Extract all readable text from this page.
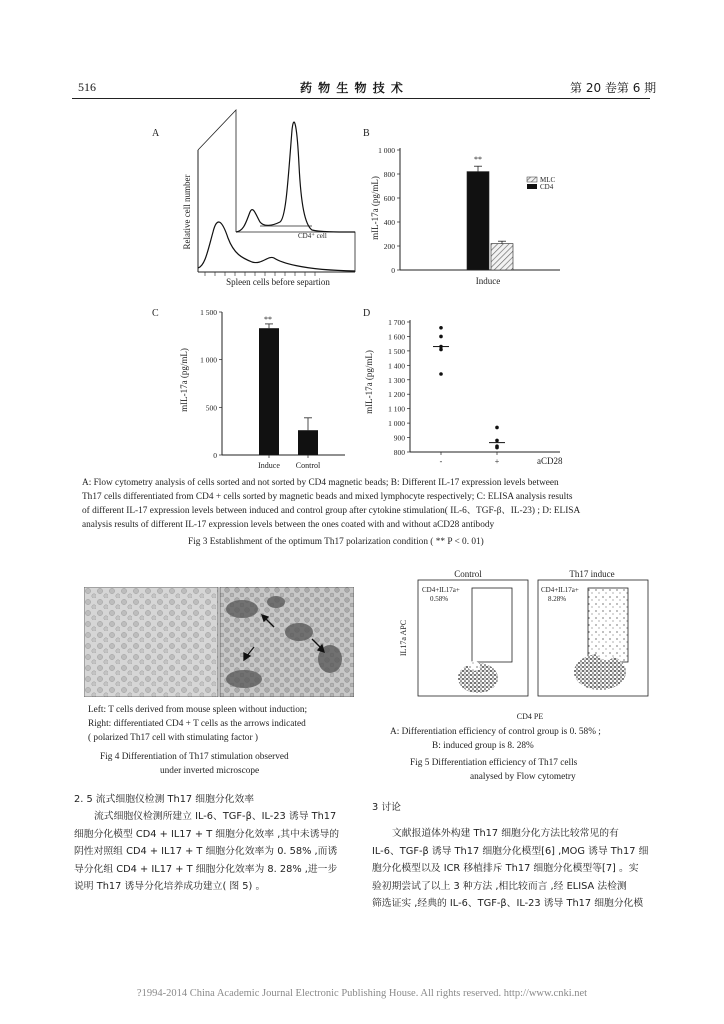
516	药 物 生 物 技 术	第 20 卷第 6 期
A
CD4⁺ cell
Relative cell number
Spleen cells before separtion
B
0
200
400
600
800
1 000
mIL-17a (pg/mL)
Induce
**
MLC
CD4
C
0
500
1 000
1 500
Induce Control
mIL-17a (pg/mL)
**
D
800
900
1 000
1 100
1 200
1 300
1 400
1 500
1 600
1 700
-	+
mIL-17a (pg/mL)
aCD28
A: Flow cytometry analysis of cells sorted and not sorted by CD4 magnetic beads; B: Different IL-17 expression levels between
Th17 cells differentiated from CD4 + cells sorted by magnetic beads and mixed lymphocyte respectively; C: ELISA analysis results
of different IL-17 expression levels between induced and control group after cytokine stimulation( IL-6、TGF-β、IL-23) ; D: ELISA
analysis results of different IL-17 expression levels between the ones coated with and without aCD28 antibody
Fig 3 Establishment of the optimum Th17 polarization condition ( ** P < 0. 01)
Left: T cells derived from mouse spleen without induction;
Right: differentiated CD4 + T cells as the arrows indicated
( polarized Th17 cell with stimulating factor )
Fig 4 Differentiation of Th17 stimulation observed
under inverted microscope
Control	Th17 induce
CD4+IL17a+
0.58%
CD4+IL17a+
8.28%
IL17a APC
CD4 PE
A: Differentiation efficiency of control group is 0. 58% ;
B: induced group is 8. 28%
Fig 5 Differentiation efficiency of Th17 cells
analysed by Flow cytometry
2. 5 流式细胞仪检测 Th17 细胞分化效率
流式细胞仪检测所建立 IL-6、TGF-β、IL-23 诱导 Th17
细胞分化模型 CD4 + IL17 + T 细胞分化效率 ,其中未诱导的
阴性对照组 CD4 + IL17 + T 细胞分化效率为 0. 58% ,而诱
导分化组 CD4 + IL17 + T 细胞分化效率为 8. 28% ,进一步
说明 Th17 诱导分化培养成功建立( 图 5) 。
3 讨论
文献报道体外构建 Th17 细胞分化方法比较常见的有
IL-6、TGF-β 诱导 Th17 细胞分化模型[6] ,MOG 诱导 Th17 细
胞分化模型以及 ICR 移植排斥 Th17 细胞分化模型等[7] 。实
验初期尝试了以上 3 种方法 ,相比较而言 ,经 ELISA 法检测
筛选证实 ,经典的 IL-6、TGF-β、IL-23 诱导 Th17 细胞分化模
?1994-2014 China Academic Journal Electronic Publishing House. All rights reserved. http://www.cnki.net
